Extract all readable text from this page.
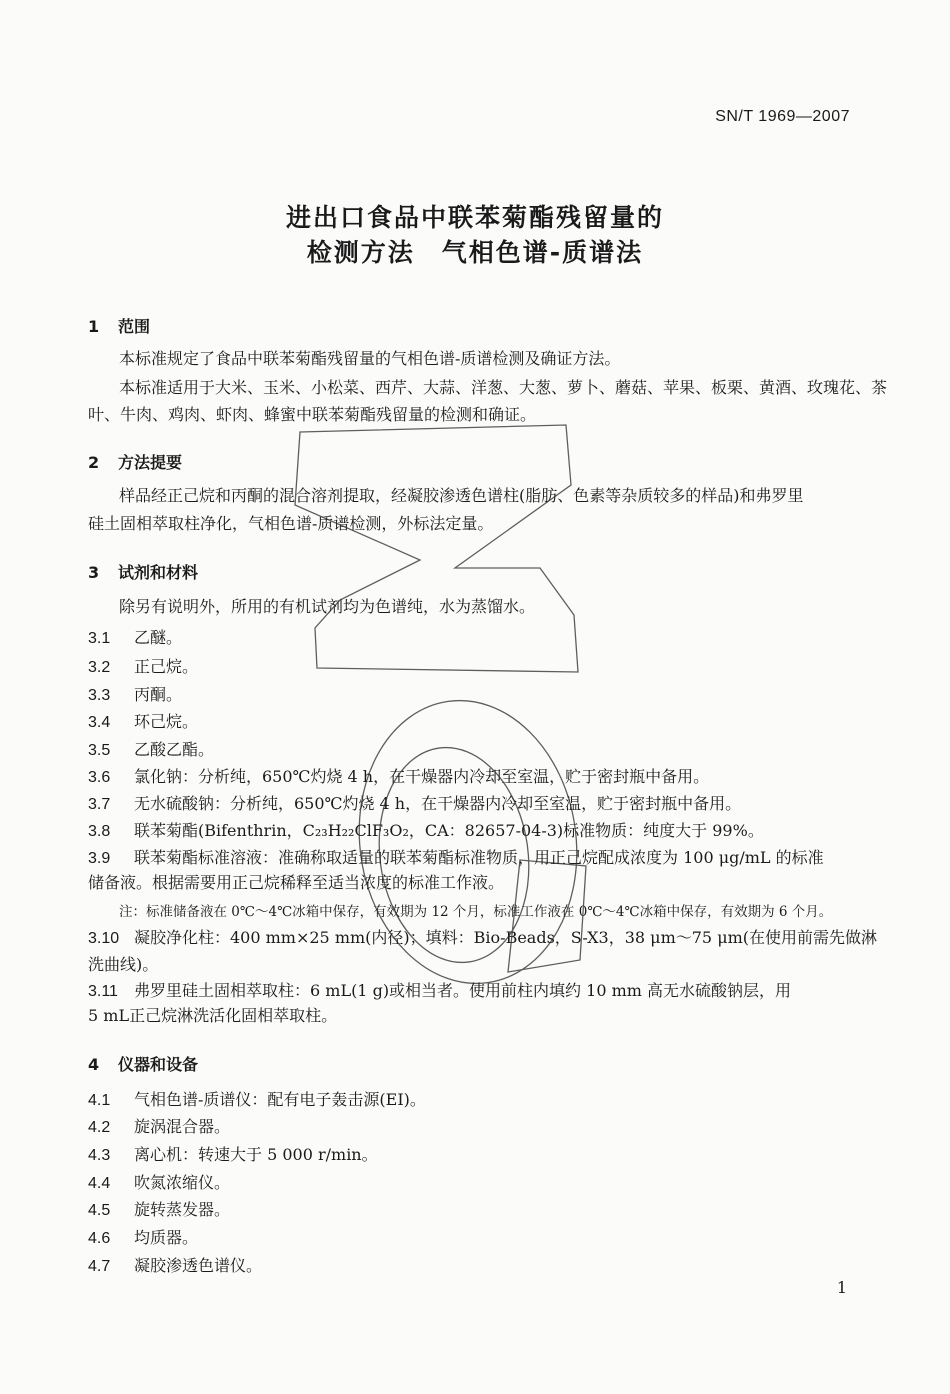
SN/T 1969—2007
进出口食品中联苯菊酯残留量的
检测方法　气相色谱-质谱法
1 范围
本标准规定了食品中联苯菊酯残留量的气相色谱-质谱检测及确证方法。
本标准适用于大米、玉米、小松菜、西芹、大蒜、洋葱、大葱、萝卜、蘑菇、苹果、板栗、黄酒、玫瑰花、茶
叶、牛肉、鸡肉、虾肉、蜂蜜中联苯菊酯残留量的检测和确证。
2 方法提要
样品经正己烷和丙酮的混合溶剂提取，经凝胶渗透色谱柱(脂肪、色素等杂质较多的样品)和弗罗里
硅土固相萃取柱净化，气相色谱-质谱检测，外标法定量。
3 试剂和材料
除另有说明外，所用的有机试剂均为色谱纯，水为蒸馏水。
3.1 乙醚。
3.2 正己烷。
3.3 丙酮。
3.4 环己烷。
3.5 乙酸乙酯。
3.6 氯化钠：分析纯，650℃灼烧 4 h，在干燥器内冷却至室温，贮于密封瓶中备用。
3.7 无水硫酸钠：分析纯，650℃灼烧 4 h，在干燥器内冷却至室温，贮于密封瓶中备用。
3.8 联苯菊酯(Bifenthrin，C₂₃H₂₂ClF₃O₂，CA：82657-04-3)标准物质：纯度大于 99%。
3.9 联苯菊酯标准溶液：准确称取适量的联苯菊酯标准物质，用正己烷配成浓度为 100 μg/mL 的标准
储备液。根据需要用正己烷稀释至适当浓度的标准工作液。
注：标准储备液在 0℃～4℃冰箱中保存，有效期为 12 个月，标准工作液在 0℃～4℃冰箱中保存，有效期为 6 个月。
3.10 凝胶净化柱：400 mm×25 mm(内径)；填料：Bio-Beads，S-X3，38 μm～75 μm(在使用前需先做淋
洗曲线)。
3.11 弗罗里硅土固相萃取柱：6 mL(1 g)或相当者。使用前柱内填约 10 mm 高无水硫酸钠层，用
5 mL正己烷淋洗活化固相萃取柱。
4 仪器和设备
4.1 气相色谱-质谱仪：配有电子轰击源(EI)。
4.2 旋涡混合器。
4.3 离心机：转速大于 5 000 r/min。
4.4 吹氮浓缩仪。
4.5 旋转蒸发器。
4.6 均质器。
4.7 凝胶渗透色谱仪。
1
